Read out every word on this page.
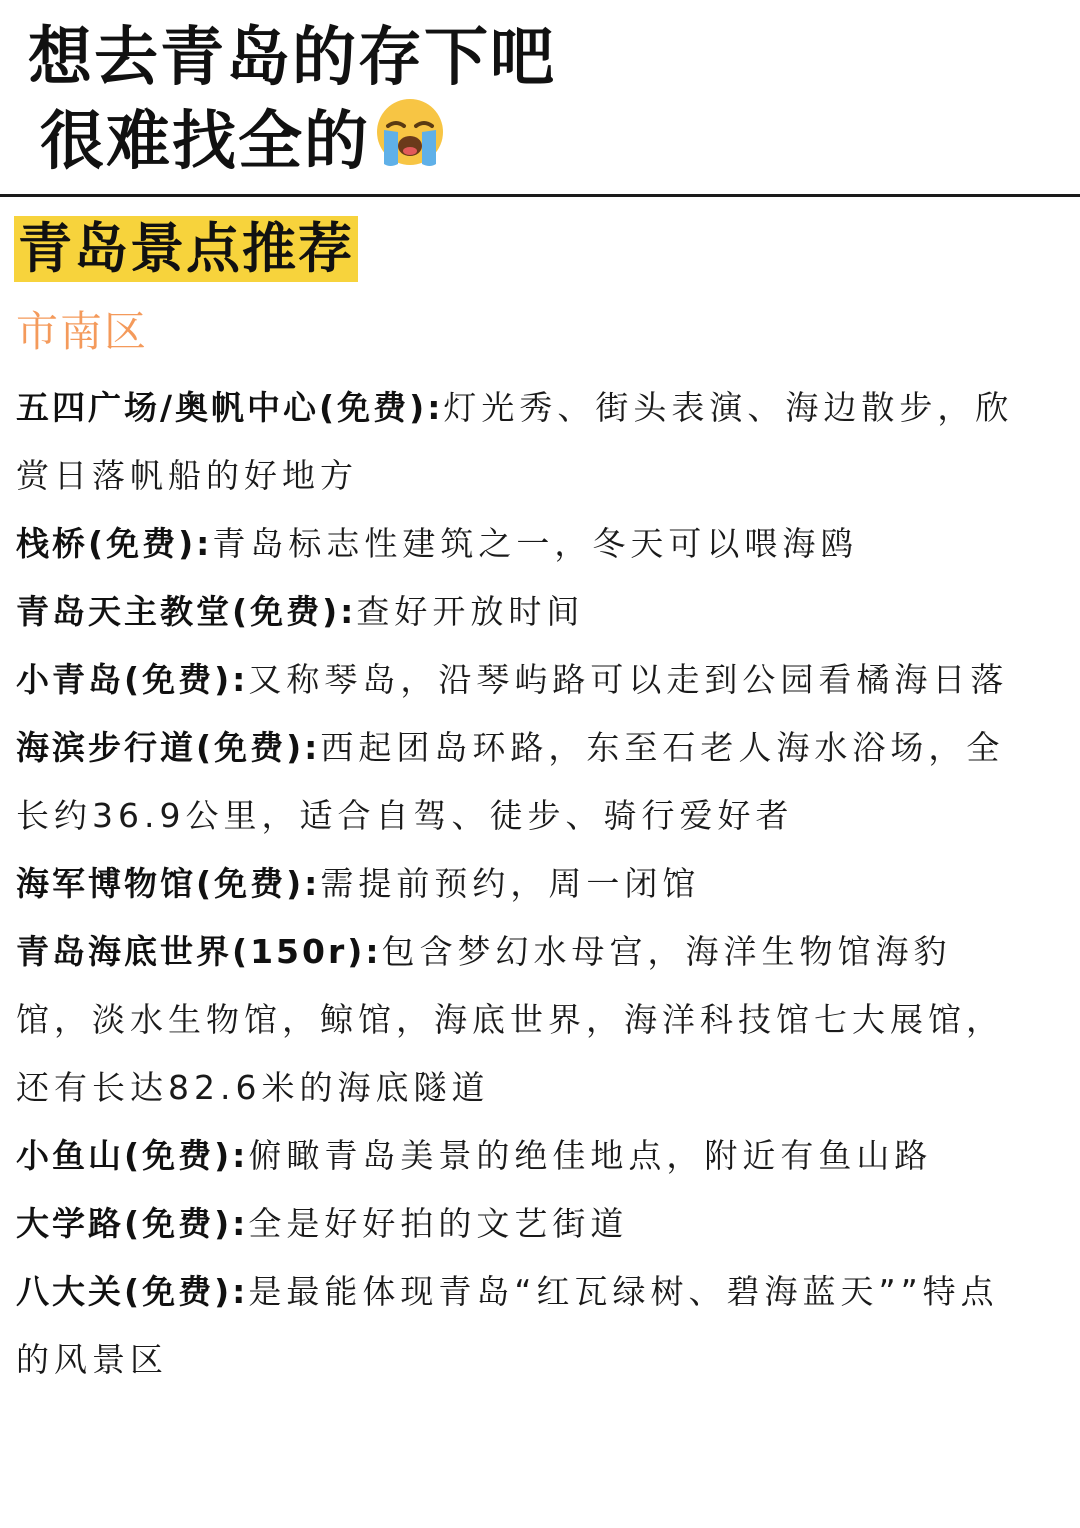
想去青岛的存下吧
很难找全的
青岛景点推荐
市南区

五四广场/奥帆中心(免费):灯光秀、街头表演、海边散步，欣赏日落帆船的好地方

栈桥(免费):青岛标志性建筑之一，冬天可以喂海鸥

青岛天主教堂(免费):查好开放时间

小青岛(免费):又称琴岛，沿琴屿路可以走到公园看橘海日落

海滨步行道(免费):西起团岛环路，东至石老人海水浴场，全长约36.9公里，适合自驾、徒步、骑行爱好者

海军博物馆(免费):需提前预约，周一闭馆

青岛海底世界(150r):包含梦幻水母宫，海洋生物馆海豹馆，淡水生物馆，鲸馆，海底世界，海洋科技馆七大展馆，还有长达82.6米的海底隧道

小鱼山(免费):俯瞰青岛美景的绝佳地点，附近有鱼山路

大学路(免费):全是好好拍的文艺街道

八大关(免费):是最能体现青岛“红瓦绿树、碧海蓝天””特点的风景区
